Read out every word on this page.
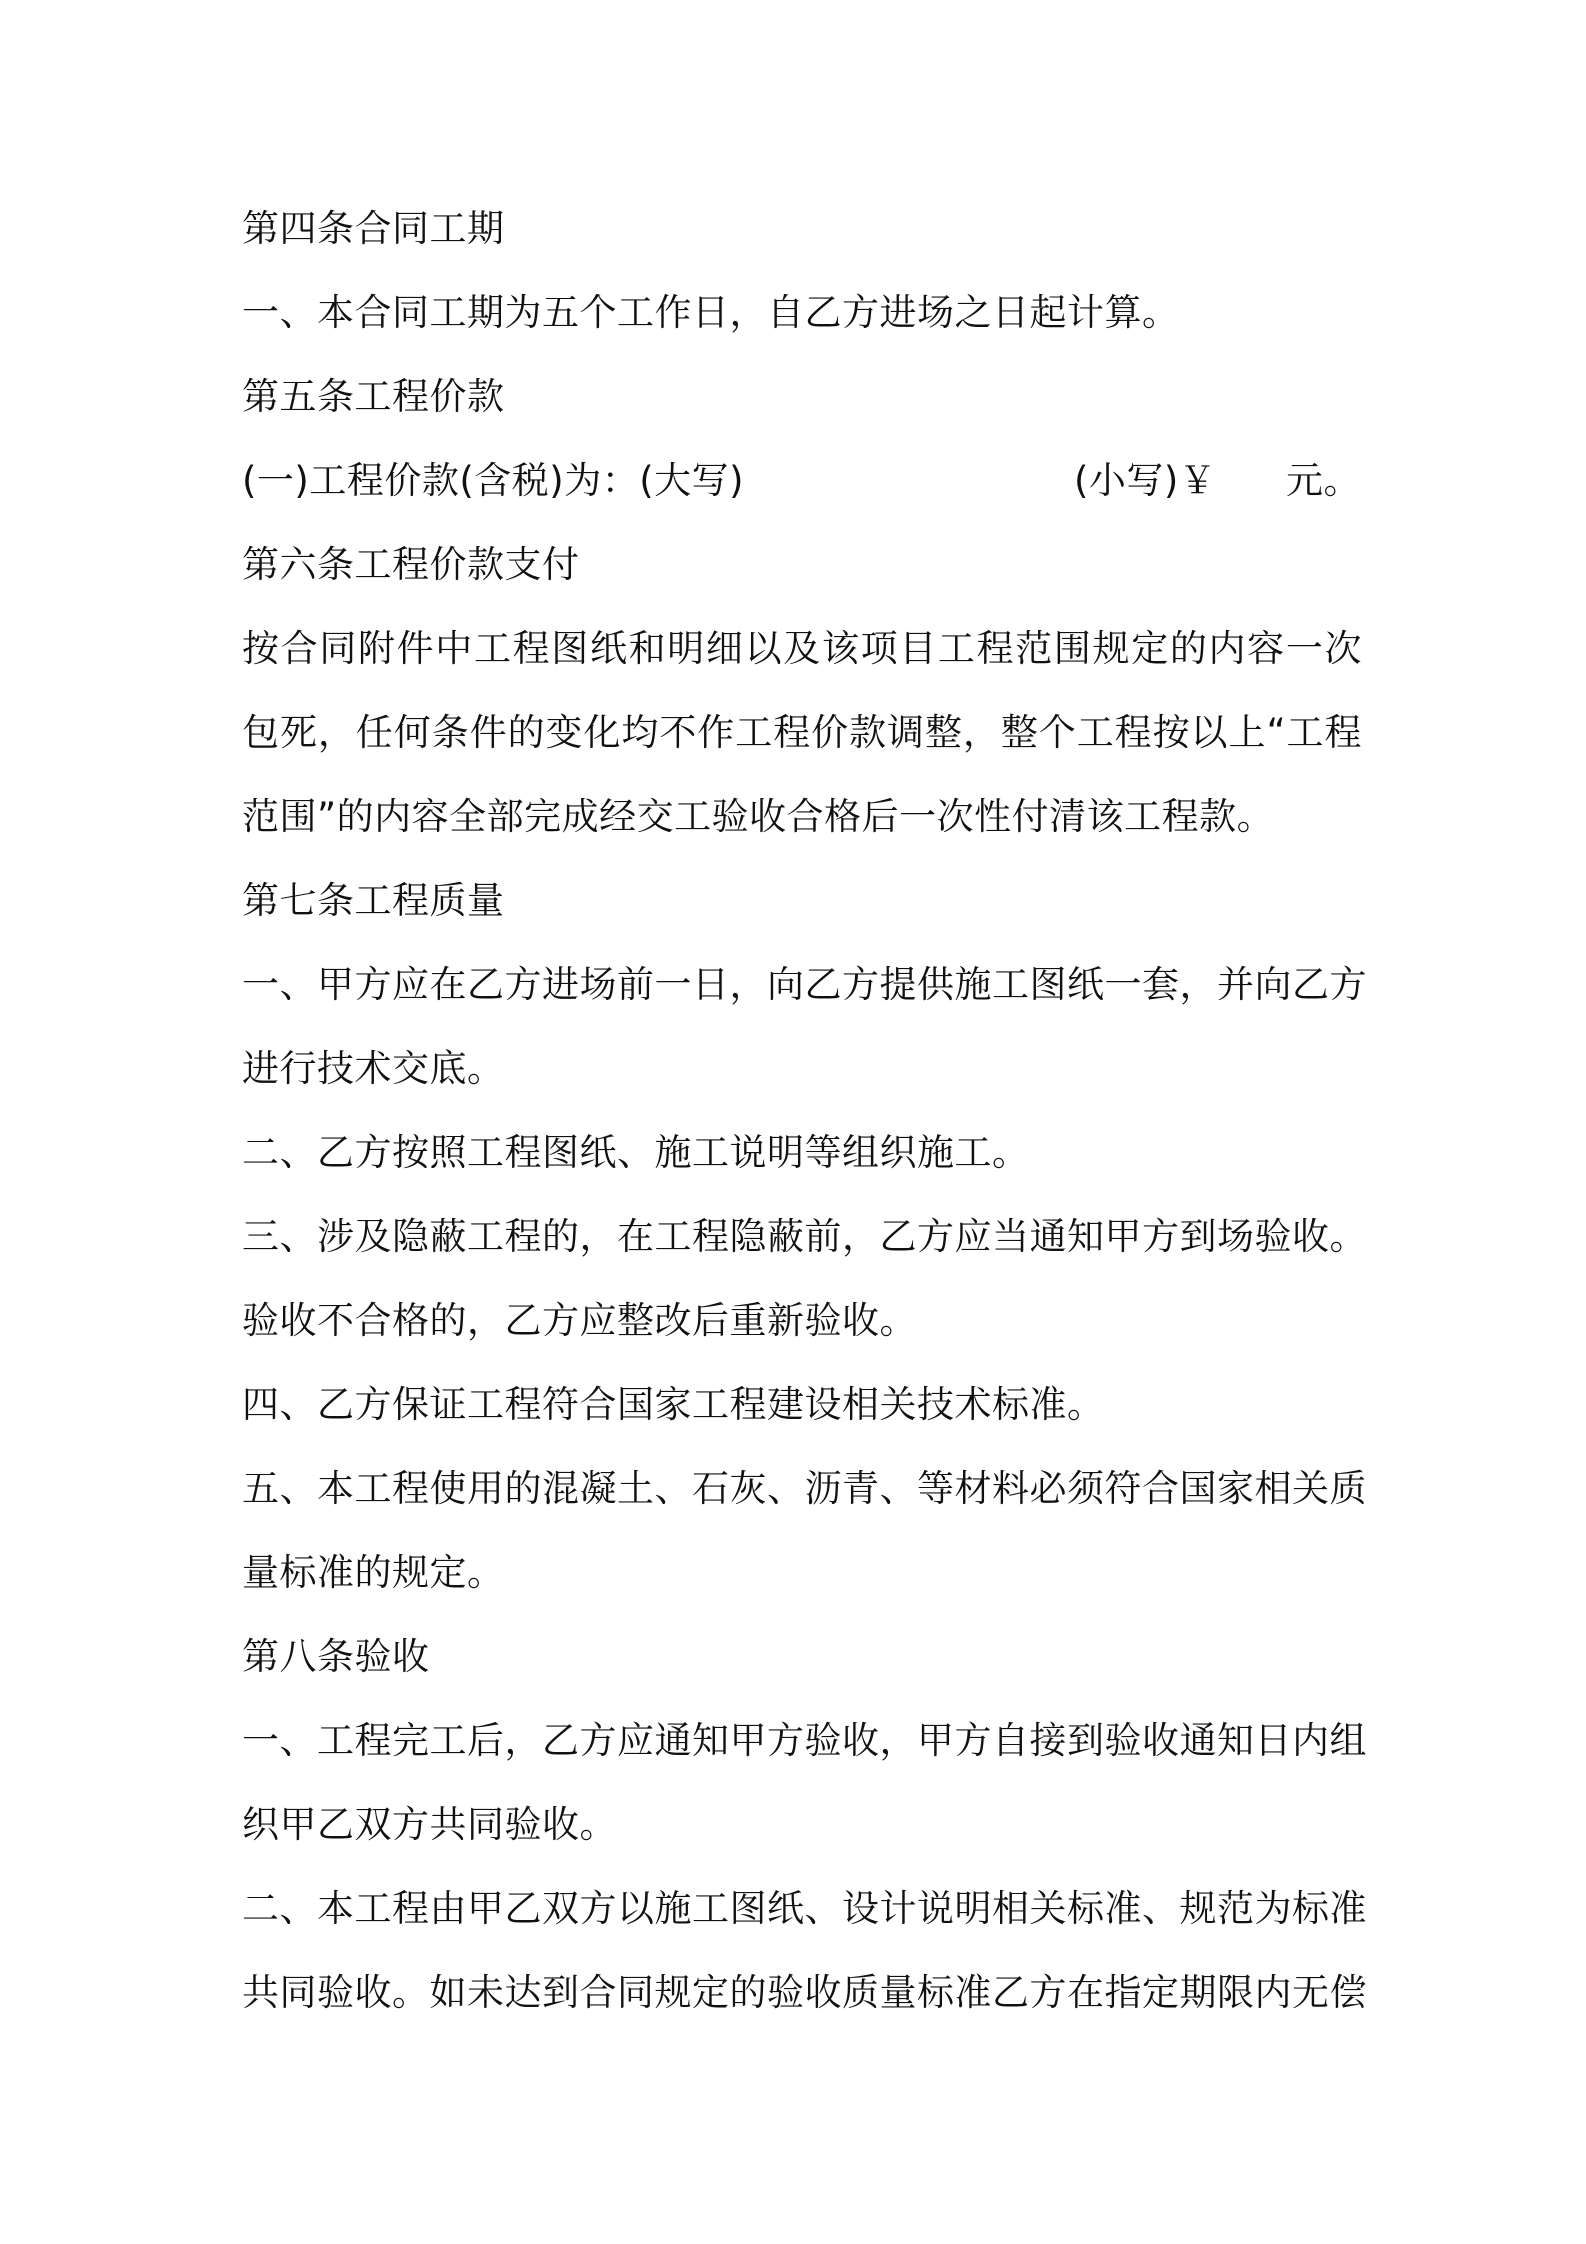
第四条合同工期
一、本合同工期为五个工作日，自乙方进场之日起计算。
第五条工程价款
(一)工程价款(含税)为：(大写)	(小写)￥ 元。
第六条工程价款支付
按合同附件中工程图纸和明细以及该项目工程范围规定的内容一次
包死，任何条件的变化均不作工程价款调整，整个工程按以上“工程
范围”的内容全部完成经交工验收合格后一次性付清该工程款。
第七条工程质量
一、甲方应在乙方进场前一日，向乙方提供施工图纸一套，并向乙方
进行技术交底。
二、乙方按照工程图纸、施工说明等组织施工。
三、涉及隐蔽工程的，在工程隐蔽前，乙方应当通知甲方到场验收。
验收不合格的，乙方应整改后重新验收。
四、乙方保证工程符合国家工程建设相关技术标准。
五、本工程使用的混凝土、石灰、沥青、等材料必须符合国家相关质
量标准的规定。
第八条验收
一、工程完工后，乙方应通知甲方验收，甲方自接到验收通知日内组
织甲乙双方共同验收。
二、本工程由甲乙双方以施工图纸、设计说明相关标准、规范为标准
共同验收。如未达到合同规定的验收质量标准乙方在指定期限内无偿
